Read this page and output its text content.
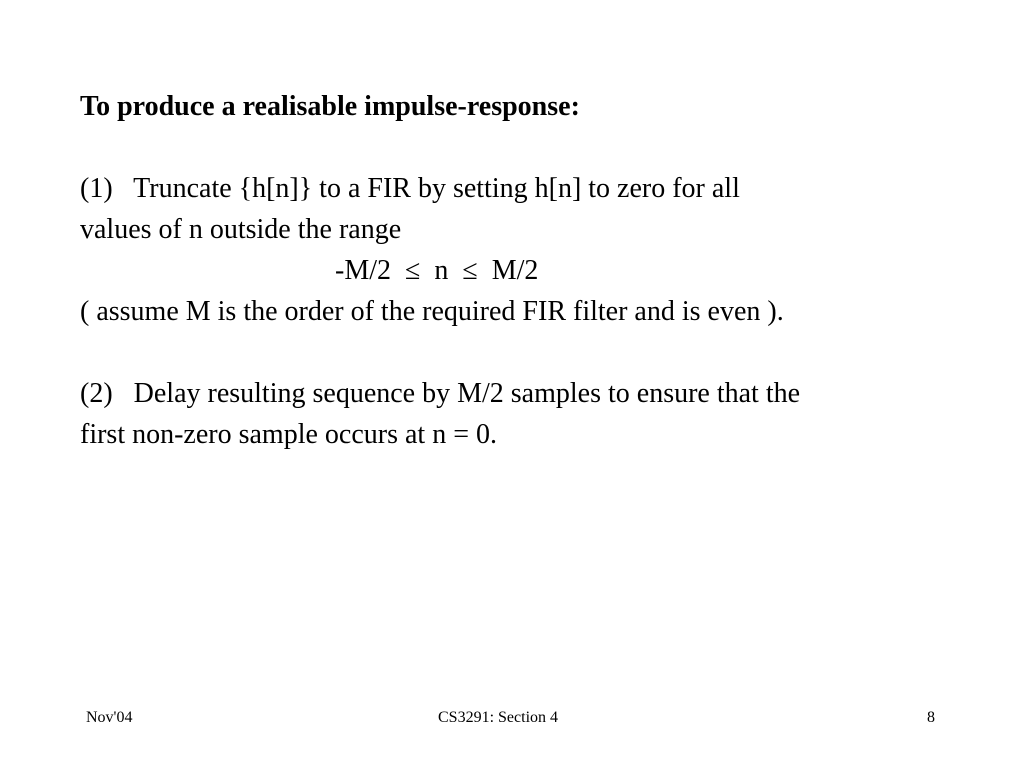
To produce a realisable impulse-response:
(1)   Truncate {h[n]} to a FIR by setting h[n] to zero for all
values of n outside the range
-M/2  ≤  n  ≤  M/2
( assume M is the order of the required FIR filter and is even ).
(2)   Delay resulting sequence by M/2 samples to ensure that the
first non-zero sample occurs at n = 0.
Nov'04	CS3291: Section 4	8
